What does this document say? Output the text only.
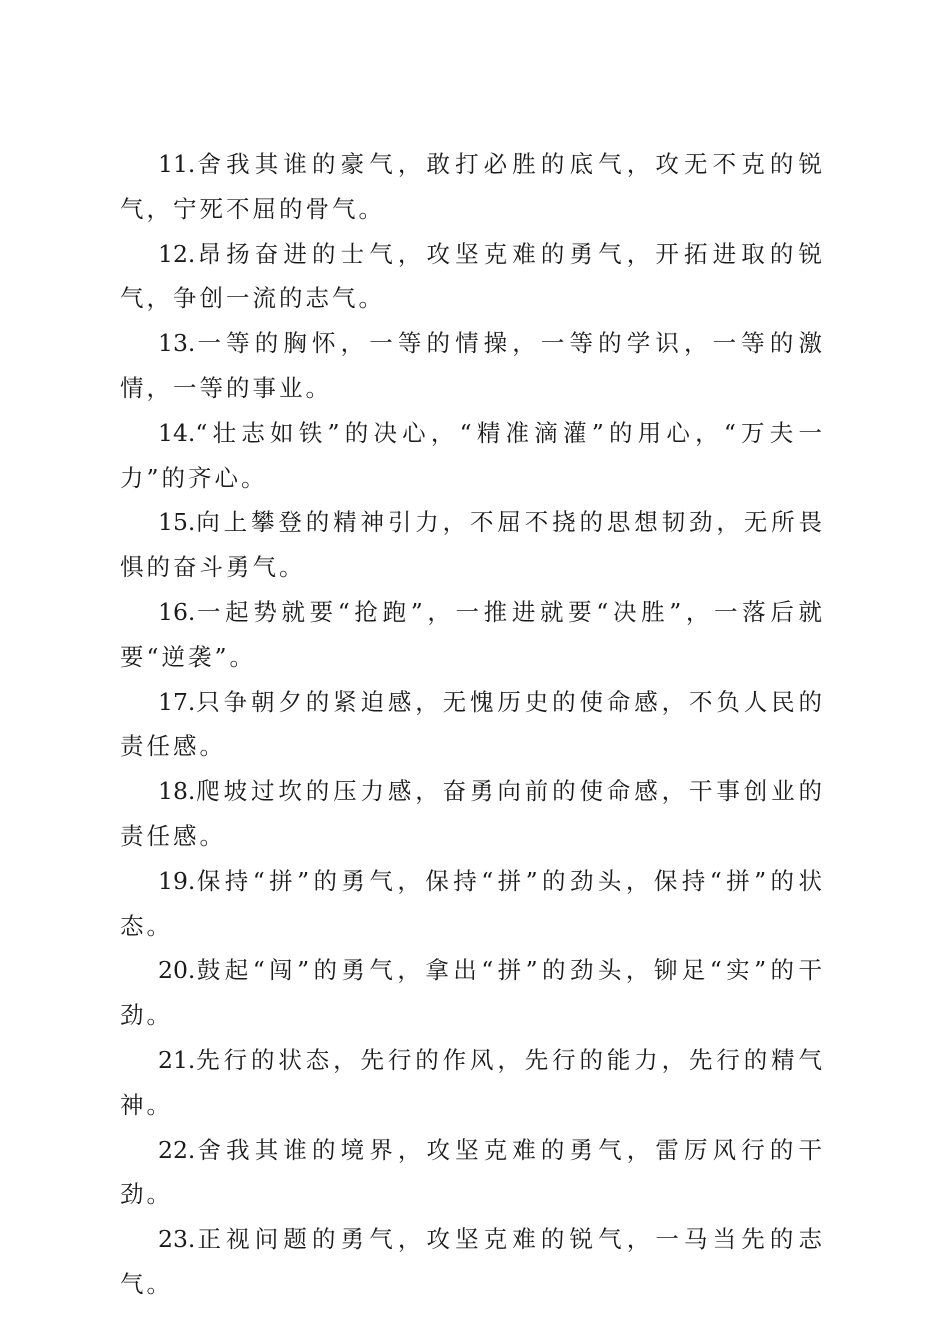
11.舍我其谁的豪气，敢打必胜的底气，攻无不克的锐气，宁死不屈的骨气。

12.昂扬奋进的士气，攻坚克难的勇气，开拓进取的锐气，争创一流的志气。

13.一等的胸怀，一等的情操，一等的学识，一等的激情，一等的事业。

14.“壮志如铁”的决心，“精准滴灌”的用心，“万夫一力”的齐心。

15.向上攀登的精神引力，不屈不挠的思想韧劲，无所畏惧的奋斗勇气。

16.一起势就要“抢跑”，一推进就要“决胜”，一落后就要“逆袭”。

17.只争朝夕的紧迫感，无愧历史的使命感，不负人民的责任感。

18.爬坡过坎的压力感，奋勇向前的使命感，干事创业的责任感。

19.保持“拼”的勇气，保持“拼”的劲头，保持“拼”的状态。

20.鼓起“闯”的勇气，拿出“拼”的劲头，铆足“实”的干劲。

21.先行的状态，先行的作风，先行的能力，先行的精气神。

22.舍我其谁的境界，攻坚克难的勇气，雷厉风行的干劲。

23.正视问题的勇气，攻坚克难的锐气，一马当先的志气。
